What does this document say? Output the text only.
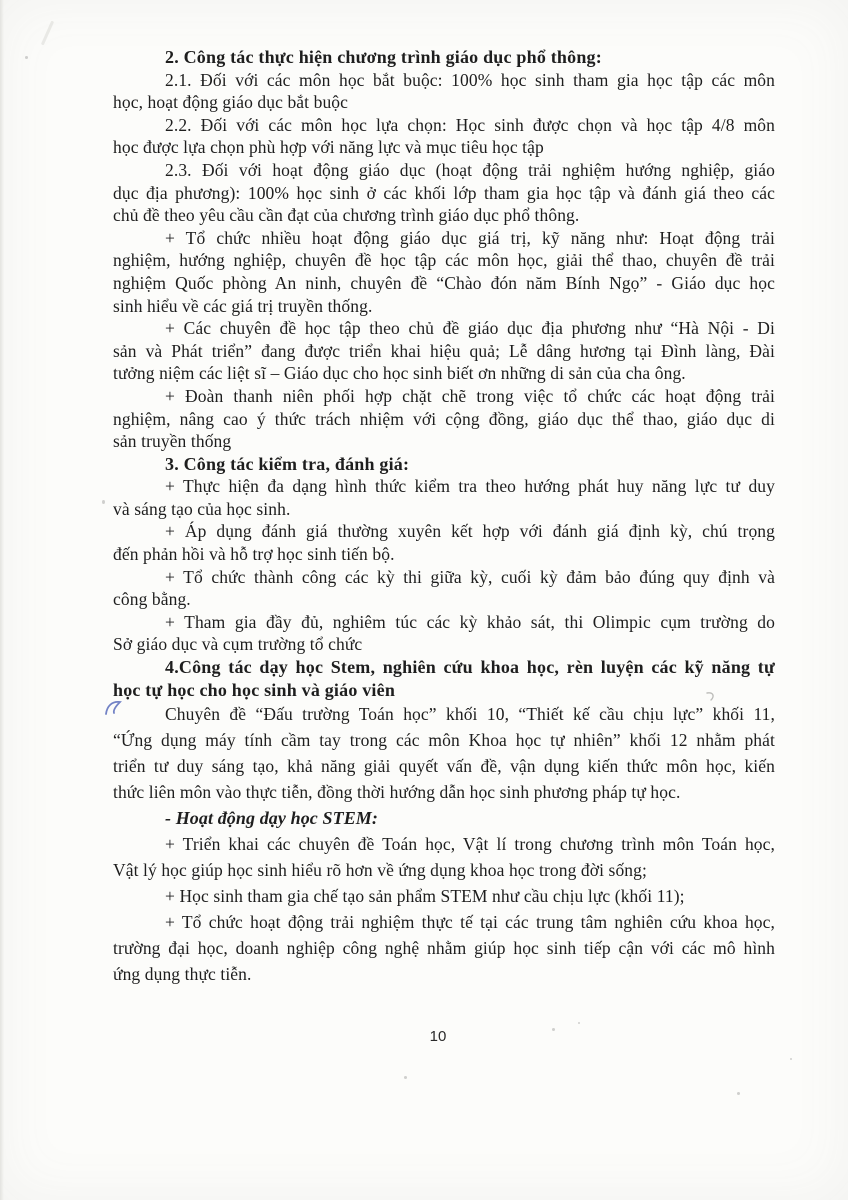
2. Công tác thực hiện chương trình giáo dục phổ thông:
2.1. Đối với các môn học bắt buộc: 100% học sinh tham gia học tập các môn
học, hoạt động giáo dục bắt buộc
2.2. Đối với các môn học lựa chọn: Học sinh được chọn và học tập 4/8 môn
học được lựa chọn phù hợp với năng lực và mục tiêu học tập
2.3. Đối với hoạt động giáo dục (hoạt động trải nghiệm hướng nghiệp, giáo
dục địa phương): 100% học sinh ở các khối lớp tham gia học tập và đánh giá theo các
chủ đề theo yêu cầu cần đạt của chương trình giáo dục phổ thông.
+ Tổ chức nhiều hoạt động giáo dục giá trị, kỹ năng như: Hoạt động trải
nghiệm, hướng nghiệp, chuyên đề học tập các môn học, giải thể thao, chuyên đề trải
nghiệm Quốc phòng An ninh, chuyên đề “Chào đón năm Bính Ngọ” - Giáo dục học
sinh hiểu về các giá trị truyền thống.
+ Các chuyên đề học tập theo chủ đề giáo dục địa phương như “Hà Nội - Di
sản và Phát triển” đang được triển khai hiệu quả; Lễ dâng hương tại Đình làng, Đài
tưởng niệm các liệt sĩ – Giáo dục cho học sinh biết ơn những di sản của cha ông.
+ Đoàn thanh niên phối hợp chặt chẽ trong việc tổ chức các hoạt động trải
nghiệm, nâng cao ý thức trách nhiệm với cộng đồng, giáo dục thể thao, giáo dục di
sản truyền thống
3. Công tác kiểm tra, đánh giá:
+ Thực hiện đa dạng hình thức kiểm tra theo hướng phát huy năng lực tư duy
và sáng tạo của học sinh.
+ Áp dụng đánh giá thường xuyên kết hợp với đánh giá định kỳ, chú trọng
đến phản hồi và hỗ trợ học sinh tiến bộ.
+ Tổ chức thành công các kỳ thi giữa kỳ, cuối kỳ đảm bảo đúng quy định và
công bằng.
+ Tham gia đầy đủ, nghiêm túc các kỳ khảo sát, thi Olimpic cụm trường do
Sở giáo dục và cụm trường tổ chức
4.Công tác dạy học Stem, nghiên cứu khoa học, rèn luyện các kỹ năng tự
học tự học cho học sinh và giáo viên
Chuyên đề “Đấu trường Toán học” khối 10, “Thiết kế cầu chịu lực” khối 11,
“Ứng dụng máy tính cầm tay trong các môn Khoa học tự nhiên” khối 12 nhằm phát
triển tư duy sáng tạo, khả năng giải quyết vấn đề, vận dụng kiến thức môn học, kiến
thức liên môn vào thực tiễn, đồng thời hướng dẫn học sinh phương pháp tự học.
- Hoạt động dạy học STEM:
+ Triển khai các chuyên đề Toán học, Vật lí trong chương trình môn Toán học,
Vật lý học giúp học sinh hiểu rõ hơn về ứng dụng khoa học trong đời sống;
+ Học sinh tham gia chế tạo sản phẩm STEM như cầu chịu lực (khối 11);
+ Tổ chức hoạt động trải nghiệm thực tế tại các trung tâm nghiên cứu khoa học,
trường đại học, doanh nghiệp công nghệ nhằm giúp học sinh tiếp cận với các mô hình
ứng dụng thực tiễn.
10
